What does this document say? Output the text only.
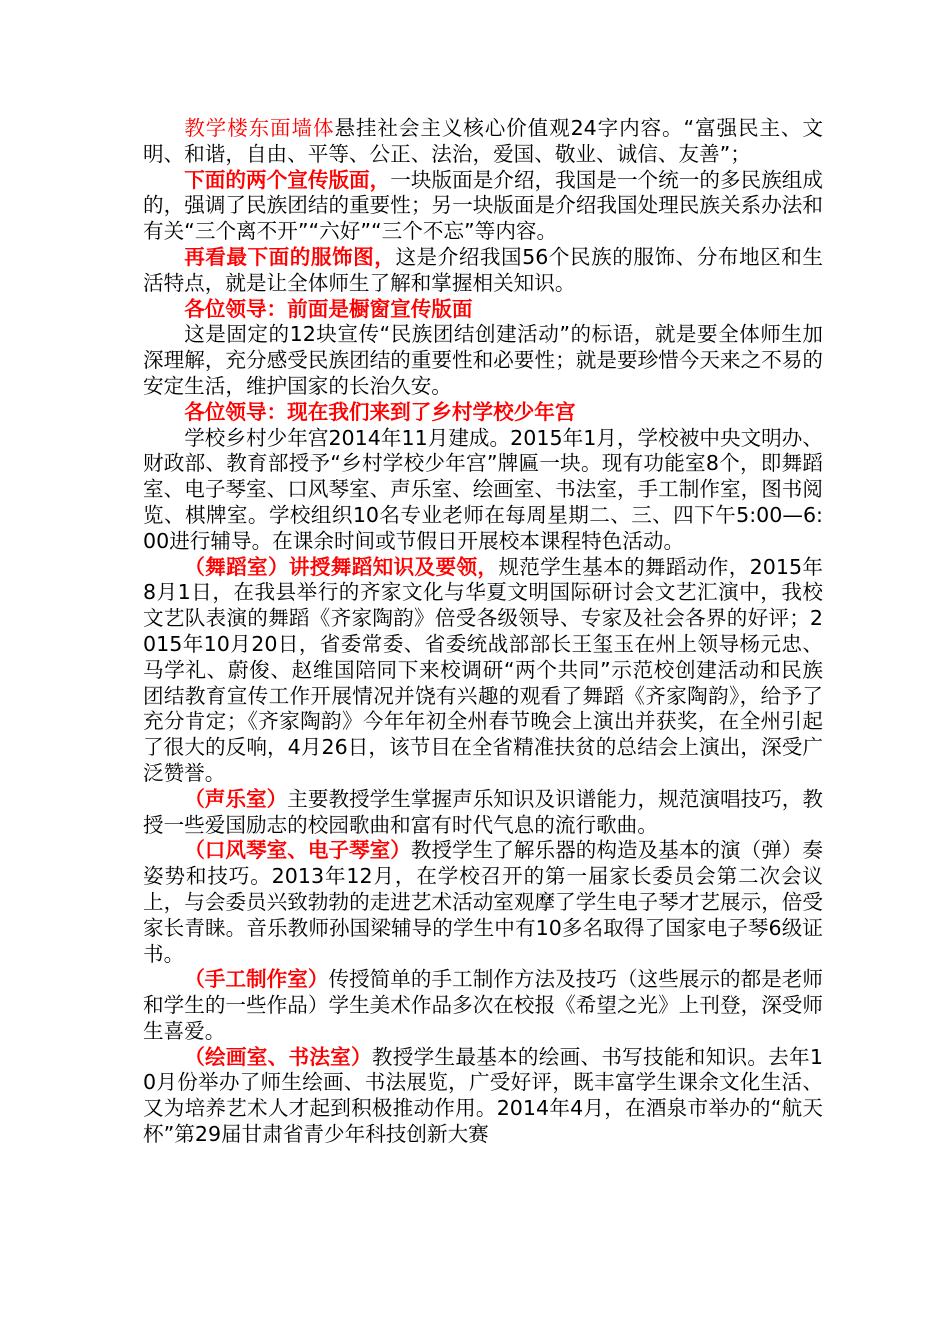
教学楼东面墙体悬挂社会主义核心价值观24字内容。“富强民主、文明、和谐，自由、平等、公正、法治，爱国、敬业、诚信、友善”；

下面的两个宣传版面，一块版面是介绍，我国是一个统一的多民族组成的，强调了民族团结的重要性；另一块版面是介绍我国处理民族关系办法和有关“三个离不开”“六好”“三个不忘”等内容。

再看最下面的服饰图，这是介绍我国56个民族的服饰、分布地区和生活特点，就是让全体师生了解和掌握相关知识。

各位领导：前面是橱窗宣传版面

这是固定的12块宣传“民族团结创建活动”的标语，就是要全体师生加深理解，充分感受民族团结的重要性和必要性；就是要珍惜今天来之不易的安定生活，维护国家的长治久安。

各位领导：现在我们来到了乡村学校少年宫

学校乡村少年宫2014年11月建成。2015年1月，学校被中央文明办、财政部、教育部授予“乡村学校少年宫”牌匾一块。现有功能室8个，即舞蹈室、电子琴室、口风琴室、声乐室、绘画室、书法室，手工制作室，图书阅览、棋牌室。学校组织10名专业老师在每周星期二、三、四下午5:00—6:00进行辅导。在课余时间或节假日开展校本课程特色活动。

（舞蹈室）讲授舞蹈知识及要领，规范学生基本的舞蹈动作，2015年8月1日，在我县举行的齐家文化与华夏文明国际研讨会文艺汇演中，我校文艺队表演的舞蹈《齐家陶韵》倍受各级领导、专家及社会各界的好评；2015年10月20日，省委常委、省委统战部部长王玺玉在州上领导杨元忠、马学礼、蔚俊、赵维国陪同下来校调研“两个共同”示范校创建活动和民族团结教育宣传工作开展情况并饶有兴趣的观看了舞蹈《齐家陶韵》，给予了充分肯定；《齐家陶韵》今年年初全州春节晚会上演出并获奖，在全州引起了很大的反响，4月26日，该节目在全省精准扶贫的总结会上演出，深受广泛赞誉。

（声乐室）主要教授学生掌握声乐知识及识谱能力，规范演唱技巧，教授一些爱国励志的校园歌曲和富有时代气息的流行歌曲。

（口风琴室、电子琴室）教授学生了解乐器的构造及基本的演（弹）奏姿势和技巧。2013年12月，在学校召开的第一届家长委员会第二次会议上，与会委员兴致勃勃的走进艺术活动室观摩了学生电子琴才艺展示，倍受家长青睐。音乐教师孙国梁辅导的学生中有10多名取得了国家电子琴6级证书。

（手工制作室）传授简单的手工制作方法及技巧（这些展示的都是老师和学生的一些作品）学生美术作品多次在校报《希望之光》上刊登，深受师生喜爱。

（绘画室、书法室）教授学生最基本的绘画、书写技能和知识。去年10月份举办了师生绘画、书法展览，广受好评，既丰富学生课余文化生活、又为培养艺术人才起到积极推动作用。2014年4月，在酒泉市举办的“航天杯”第29届甘肃省青少年科技创新大赛
